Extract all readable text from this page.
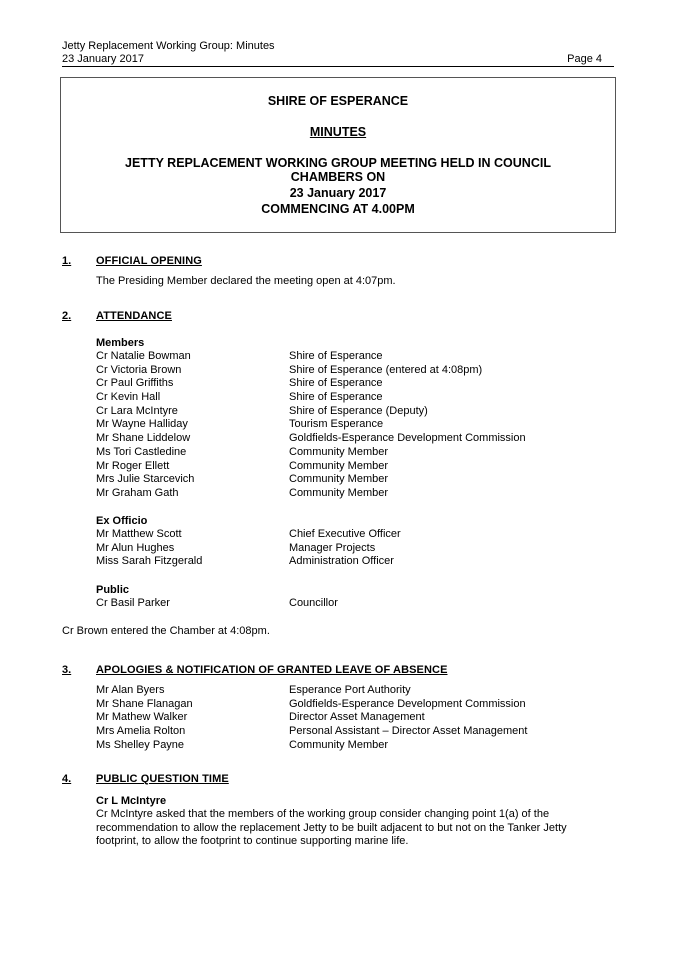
Jetty Replacement Working Group: Minutes
23 January 2017	Page 4
SHIRE OF ESPERANCE
MINUTES
JETTY REPLACEMENT WORKING GROUP MEETING HELD IN COUNCIL
CHAMBERS ON
23 January 2017
COMMENCING AT 4.00PM
1. OFFICIAL OPENING
The Presiding Member declared the meeting open at 4:07pm.
2. ATTENDANCE
Members
Cr Natalie Bowman	Shire of Esperance
Cr Victoria Brown	Shire of Esperance (entered at 4:08pm)
Cr Paul Griffiths	Shire of Esperance
Cr Kevin Hall	Shire of Esperance
Cr Lara McIntyre	Shire of Esperance (Deputy)
Mr Wayne Halliday	Tourism Esperance
Mr Shane Liddelow	Goldfields-Esperance Development Commission
Ms Tori Castledine	Community Member
Mr Roger Ellett	Community Member
Mrs Julie Starcevich	Community Member
Mr Graham Gath	Community Member
Ex Officio
Mr Matthew Scott	Chief Executive Officer
Mr Alun Hughes	Manager Projects
Miss Sarah Fitzgerald	Administration Officer
Public
Cr Basil Parker	Councillor
Cr Brown entered the Chamber at 4:08pm.
3. APOLOGIES & NOTIFICATION OF GRANTED LEAVE OF ABSENCE
Mr Alan Byers	Esperance Port Authority
Mr Shane Flanagan	Goldfields-Esperance Development Commission
Mr Mathew Walker	Director Asset Management
Mrs Amelia Rolton	Personal Assistant – Director Asset Management
Ms Shelley Payne	Community Member
4. PUBLIC QUESTION TIME
Cr L McIntyre
Cr McIntyre asked that the members of the working group consider changing point 1(a) of the
recommendation to allow the replacement Jetty to be built adjacent to but not on the Tanker Jetty
footprint, to allow the footprint to continue supporting marine life.
